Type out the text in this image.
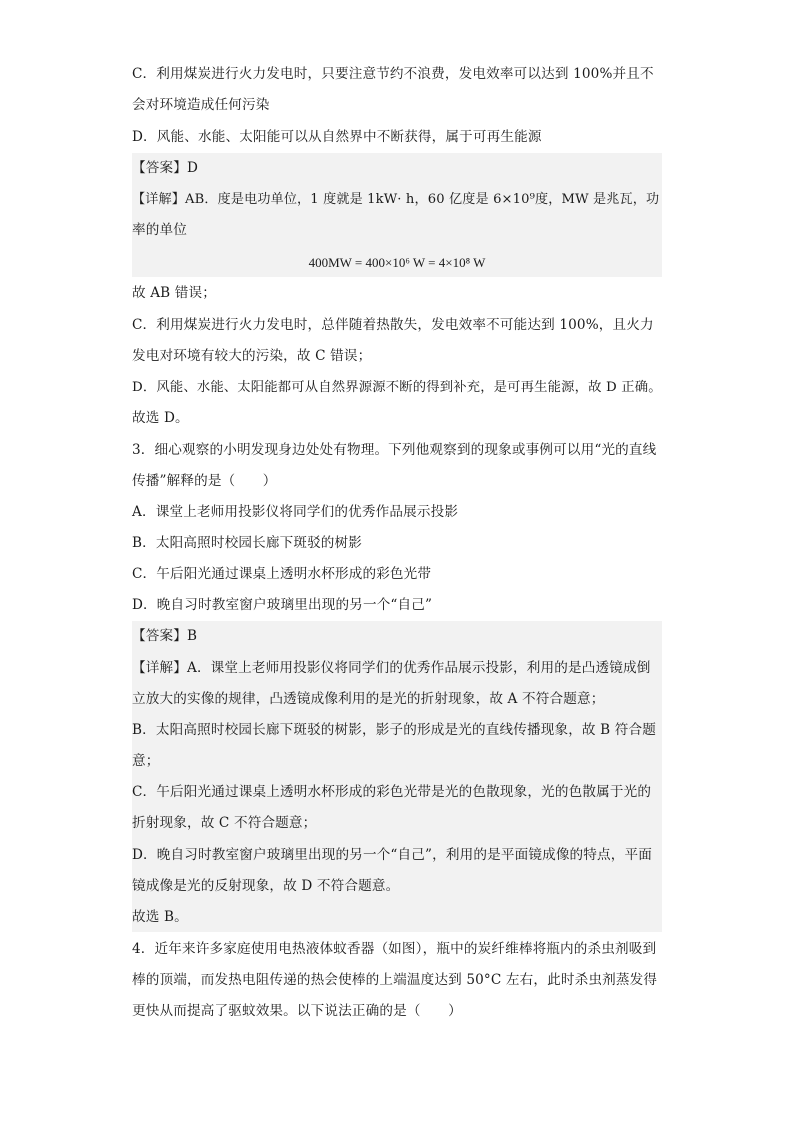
C．利用煤炭进行火力发电时，只要注意节约不浪费，发电效率可以达到 100%并且不
会对环境造成任何污染
D．风能、水能、太阳能可以从自然界中不断获得，属于可再生能源
【答案】D
【详解】AB．度是电功单位，1 度就是 1kW· h，60 亿度是 6×10⁹度，MW 是兆瓦，功
率的单位
400MW = 400×10⁶ W = 4×10⁸ W
故 AB 错误；
C．利用煤炭进行火力发电时，总伴随着热散失，发电效率不可能达到 100%，且火力
发电对环境有较大的污染，故 C 错误；
D．风能、水能、太阳能都可从自然界源源不断的得到补充，是可再生能源，故 D 正确。
故选 D。
3．细心观察的小明发现身边处处有物理。下列他观察到的现象或事例可以用“光的直线
传播”解释的是（　　）
A．课堂上老师用投影仪将同学们的优秀作品展示投影
B．太阳高照时校园长廊下斑驳的树影
C．午后阳光通过课桌上透明水杯形成的彩色光带
D．晚自习时教室窗户玻璃里出现的另一个“自己”
【答案】B
【详解】A．课堂上老师用投影仪将同学们的优秀作品展示投影，利用的是凸透镜成倒
立放大的实像的规律，凸透镜成像利用的是光的折射现象，故 A 不符合题意；
B．太阳高照时校园长廊下斑驳的树影，影子的形成是光的直线传播现象，故 B 符合题
意；
C．午后阳光通过课桌上透明水杯形成的彩色光带是光的色散现象，光的色散属于光的
折射现象，故 C 不符合题意；
D．晚自习时教室窗户玻璃里出现的另一个“自己”，利用的是平面镜成像的特点，平面
镜成像是光的反射现象，故 D 不符合题意。
故选 B。
4．近年来许多家庭使用电热液体蚊香器（如图），瓶中的炭纤维棒将瓶内的杀虫剂吸到
棒的顶端，而发热电阻传递的热会使棒的上端温度达到 50°C 左右，此时杀虫剂蒸发得
更快从而提高了驱蚊效果。以下说法正确的是（　　）
